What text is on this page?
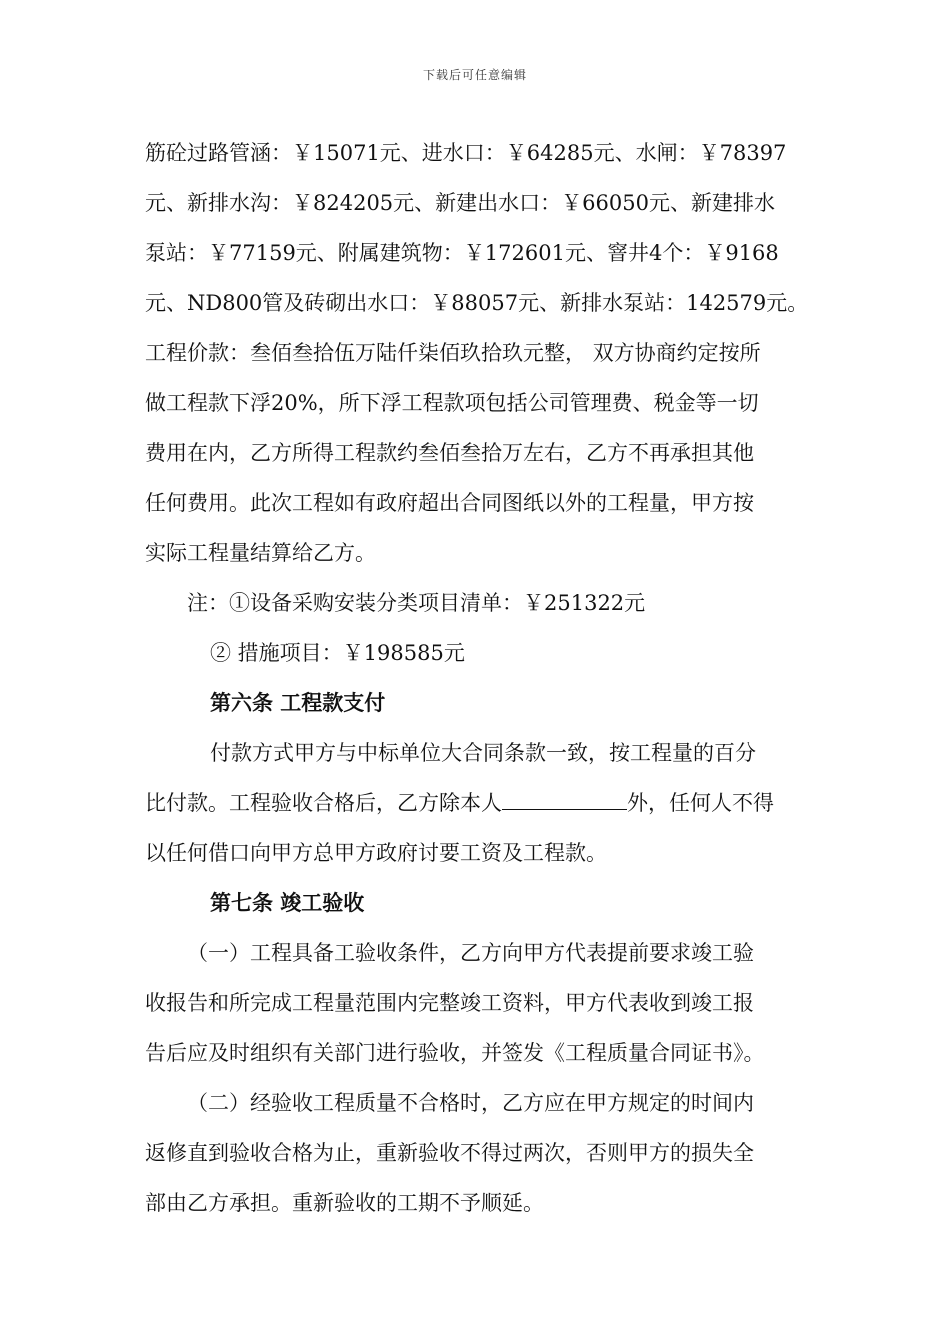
下载后可任意编辑
筋砼过路管涵：￥15071元、进水口：￥64285元、水闸：￥78397
元、新排水沟：￥824205元、新建出水口：￥66050元、新建排水
泵站：￥77159元、附属建筑物：￥172601元、窨井4个：￥9168
元、ND800管及砖砌出水口：￥88057元、新排水泵站：142579元。
工程价款：叁佰叁拾伍万陆仟柒佰玖拾玖元整， 双方协商约定按所
做工程款下浮20%，所下浮工程款项包括公司管理费、税金等一切
费用在内，乙方所得工程款约叁佰叁拾万左右，乙方不再承担其他
任何费用。此次工程如有政府超出合同图纸以外的工程量，甲方按
实际工程量结算给乙方。
注：①设备采购安装分类项目清单：￥251322元
② 措施项目：￥198585元
第六条 工程款支付
付款方式甲方与中标单位大合同条款一致，按工程量的百分
比付款。工程验收合格后，乙方除本人	外，任何人不得
以任何借口向甲方总甲方政府讨要工资及工程款。
第七条 竣工验收
（一）工程具备工验收条件，乙方向甲方代表提前要求竣工验
收报告和所完成工程量范围内完整竣工资料，甲方代表收到竣工报
告后应及时组织有关部门进行验收，并签发《工程质量合同证书》。
（二）经验收工程质量不合格时，乙方应在甲方规定的时间内
返修直到验收合格为止，重新验收不得过两次，否则甲方的损失全
部由乙方承担。重新验收的工期不予顺延。
